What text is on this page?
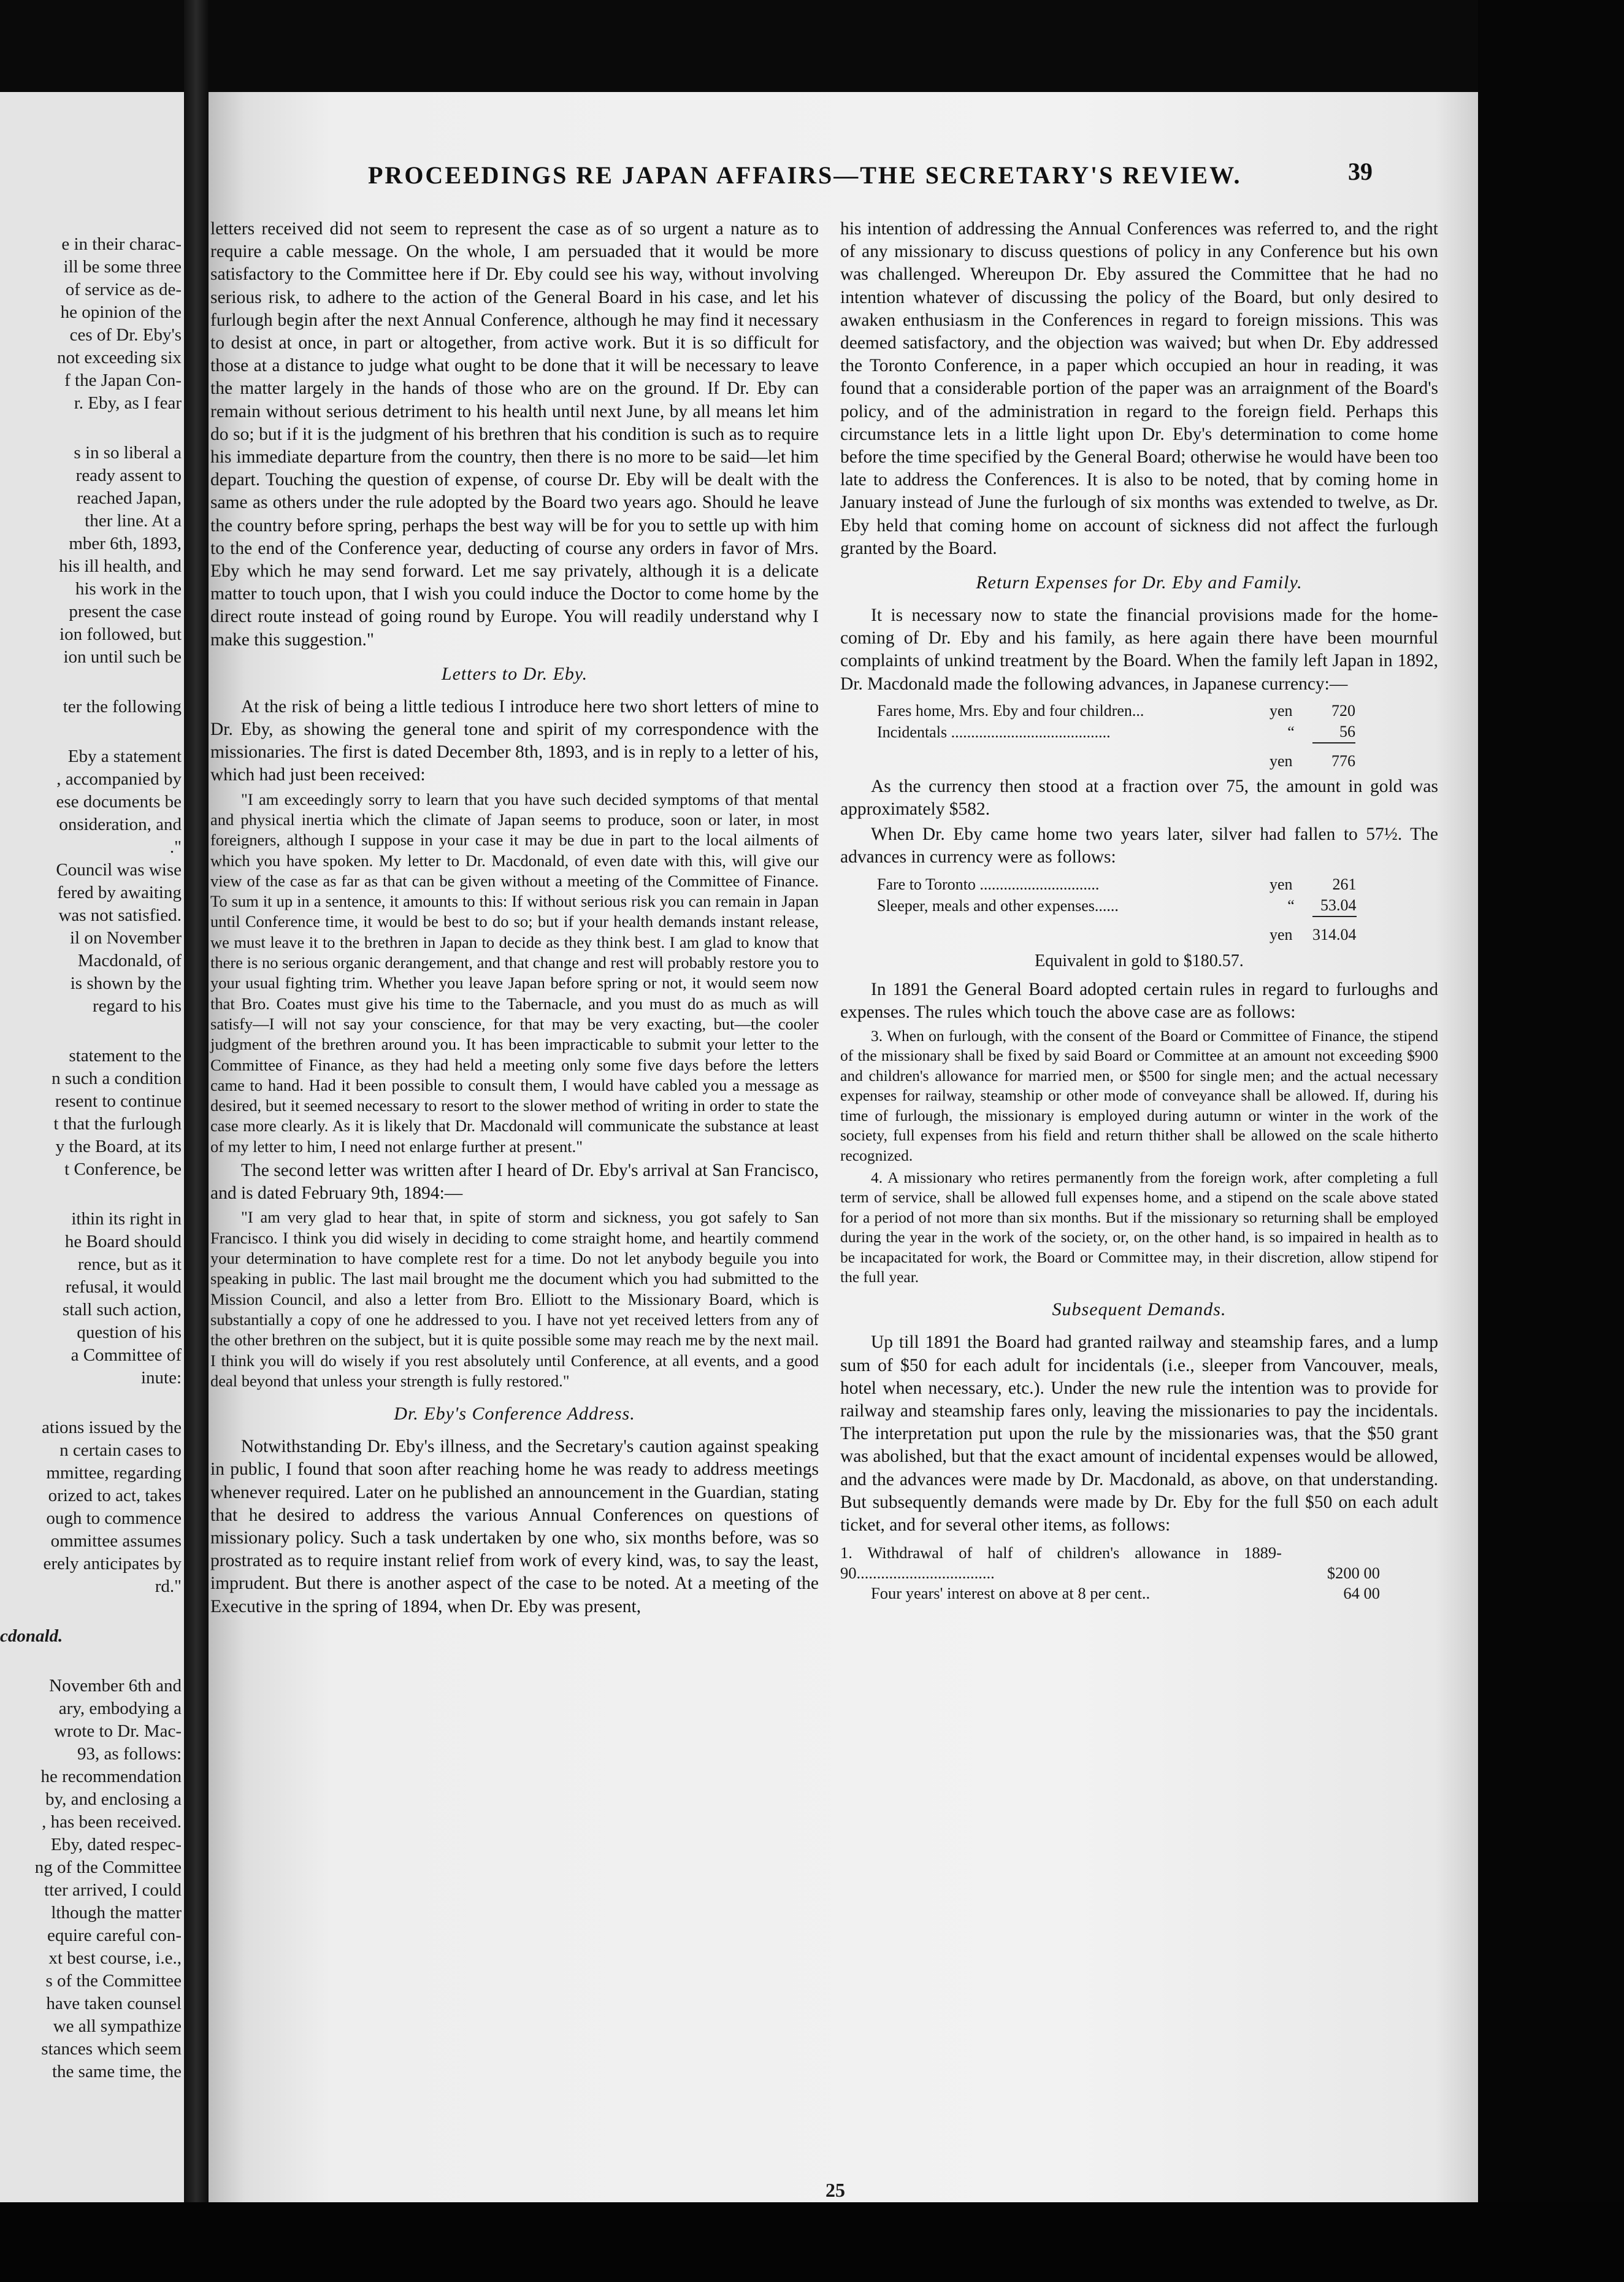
e in their charac-
ill be some three
of service as de-
he opinion of the
ces of Dr. Eby's
not exceeding six
f the Japan Con-
r. Eby, as I fear
s in so liberal a
ready assent to
reached Japan,
ther line. At a
mber 6th, 1893,
his ill health, and
his work in the
present the case
ion followed, but
ion until such be
ter the following
Eby a statement
, accompanied by
ese documents be
onsideration, and
."
Council was wise
fered by awaiting
was not satisfied.
il on November
Macdonald, of
is shown by the
regard to his
statement to the
n such a condition
resent to continue
t that the furlough
y the Board, at its
t Conference, be
ithin its right in
he Board should
rence, but as it
refusal, it would
stall such action,
question of his
a Committee of
inute:
ations issued by the
n certain cases to
mmittee, regarding
orized to act, takes
ough to commence
ommittee assumes
erely anticipates by
rd."
cdonald.
November 6th and
ary, embodying a
wrote to Dr. Mac-
93, as follows:
he recommendation
by, and enclosing a
, has been received.
Eby, dated respec-
ng of the Committee
tter arrived, I could
lthough the matter
equire careful con-
xt best course, i.e.,
s of the Committee
have taken counsel
we all sympathize
stances which seem
the same time, the
PROCEEDINGS RE JAPAN AFFAIRS—THE SECRETARY'S REVIEW.	39

letters received did not seem to represent the case as of so urgent a nature as to require a cable message. On the whole, I am persuaded that it would be more satisfactory to the Committee here if Dr. Eby could see his way, without involving serious risk, to adhere to the action of the General Board in his case, and let his furlough begin after the next Annual Conference, although he may find it necessary to desist at once, in part or altogether, from active work. But it is so difficult for those at a distance to judge what ought to be done that it will be necessary to leave the matter largely in the hands of those who are on the ground. If Dr. Eby can remain without serious detriment to his health until next June, by all means let him do so; but if it is the judgment of his brethren that his condition is such as to require his immediate departure from the country, then there is no more to be said—let him depart. Touching the question of expense, of course Dr. Eby will be dealt with the same as others under the rule adopted by the Board two years ago. Should he leave the country before spring, perhaps the best way will be for you to settle up with him to the end of the Conference year, deducting of course any orders in favor of Mrs. Eby which he may send forward. Let me say privately, although it is a delicate matter to touch upon, that I wish you could induce the Doctor to come home by the direct route instead of going round by Europe. You will readily understand why I make this suggestion."

Letters to Dr. Eby.

At the risk of being a little tedious I introduce here two short letters of mine to Dr. Eby, as showing the general tone and spirit of my correspondence with the missionaries. The first is dated December 8th, 1893, and is in reply to a letter of his, which had just been received:

"I am exceedingly sorry to learn that you have such decided symptoms of that mental and physical inertia which the climate of Japan seems to produce, soon or later, in most foreigners, although I suppose in your case it may be due in part to the local ailments of which you have spoken. My letter to Dr. Macdonald, of even date with this, will give our view of the case as far as that can be given without a meeting of the Committee of Finance. To sum it up in a sentence, it amounts to this: If without serious risk you can remain in Japan until Conference time, it would be best to do so; but if your health demands instant release, we must leave it to the brethren in Japan to decide as they think best. I am glad to know that there is no serious organic derangement, and that change and rest will probably restore you to your usual fighting trim. Whether you leave Japan before spring or not, it would seem now that Bro. Coates must give his time to the Tabernacle, and you must do as much as will satisfy—I will not say your conscience, for that may be very exacting, but—the cooler judgment of the brethren around you. It has been impracticable to submit your letter to the Committee of Finance, as they had held a meeting only some five days before the letters came to hand. Had it been possible to consult them, I would have cabled you a message as desired, but it seemed necessary to resort to the slower method of writing in order to state the case more clearly. As it is likely that Dr. Macdonald will communicate the substance at least of my letter to him, I need not enlarge further at present."

The second letter was written after I heard of Dr. Eby's arrival at San Francisco, and is dated February 9th, 1894:—

"I am very glad to hear that, in spite of storm and sickness, you got safely to San Francisco. I think you did wisely in deciding to come straight home, and heartily commend your determination to have complete rest for a time. Do not let anybody beguile you into speaking in public. The last mail brought me the document which you had submitted to the Mission Council, and also a letter from Bro. Elliott to the Missionary Board, which is substantially a copy of one he addressed to you. I have not yet received letters from any of the other brethren on the subject, but it is quite possible some may reach me by the next mail. I think you will do wisely if you rest absolutely until Conference, at all events, and a good deal beyond that unless your strength is fully restored."

Dr. Eby's Conference Address.

Notwithstanding Dr. Eby's illness, and the Secretary's caution against speaking in public, I found that soon after reaching home he was ready to address meetings whenever required. Later on he published an announcement in the Guardian, stating that he desired to address the various Annual Conferences on questions of missionary policy. Such a task undertaken by one who, six months before, was so prostrated as to require instant relief from work of every kind, was, to say the least, imprudent. But there is another aspect of the case to be noted. At a meeting of the Executive in the spring of 1894, when Dr. Eby was present,

his intention of addressing the Annual Conferences was referred to, and the right of any missionary to discuss questions of policy in any Conference but his own was challenged. Whereupon Dr. Eby assured the Committee that he had no intention whatever of discussing the policy of the Board, but only desired to awaken enthusiasm in the Conferences in regard to foreign missions. This was deemed satisfactory, and the objection was waived; but when Dr. Eby addressed the Toronto Conference, in a paper which occupied an hour in reading, it was found that a considerable portion of the paper was an arraignment of the Board's policy, and of the administration in regard to the foreign field. Perhaps this circumstance lets in a little light upon Dr. Eby's determination to come home before the time specified by the General Board; otherwise he would have been too late to address the Conferences. It is also to be noted, that by coming home in January instead of June the furlough of six months was extended to twelve, as Dr. Eby held that coming home on account of sickness did not affect the furlough granted by the Board.

Return Expenses for Dr. Eby and Family.

It is necessary now to state the financial provisions made for the home-coming of Dr. Eby and his family, as here again there have been mournful complaints of unkind treatment by the Board. When the family left Japan in 1892, Dr. Macdonald made the following advances, in Japanese currency:—

Fares home, Mrs. Eby and four children...	yen	720
Incidentals ........................................	“	56
	yen	776

As the currency then stood at a fraction over 75, the amount in gold was approximately $582.

When Dr. Eby came home two years later, silver had fallen to 57½. The advances in currency were as follows:

Fare to Toronto ..............................	yen	261
Sleeper, meals and other expenses......	“	53.04
	yen	314.04
Equivalent in gold to $180.57.

In 1891 the General Board adopted certain rules in regard to furloughs and expenses. The rules which touch the above case are as follows:

3. When on furlough, with the consent of the Board or Committee of Finance, the stipend of the missionary shall be fixed by said Board or Committee at an amount not exceeding $900 and children's allowance for married men, or $500 for single men; and the actual necessary expenses for railway, steamship or other mode of conveyance shall be allowed. If, during his time of furlough, the missionary is employed during autumn or winter in the work of the society, full expenses from his field and return thither shall be allowed on the scale hitherto recognized.

4. A missionary who retires permanently from the foreign work, after completing a full term of service, shall be allowed full expenses home, and a stipend on the scale above stated for a period of not more than six months. But if the missionary so returning shall be employed during the year in the work of the society, or, on the other hand, is so impaired in health as to be incapacitated for work, the Board or Committee may, in their discretion, allow stipend for the full year.

Subsequent Demands.

Up till 1891 the Board had granted railway and steamship fares, and a lump sum of $50 for each adult for incidentals (i.e., sleeper from Vancouver, meals, hotel when necessary, etc.). Under the new rule the intention was to provide for railway and steamship fares only, leaving the missionaries to pay the incidentals. The interpretation put upon the rule by the missionaries was, that the $50 grant was abolished, but that the exact amount of incidental expenses would be allowed, and the advances were made by Dr. Macdonald, as above, on that understanding. But subsequently demands were made by Dr. Eby for the full $50 on each adult ticket, and for several other items, as follows:

1. Withdrawal of half of children's allowance in 1889-90..................................	$200 00
Four years' interest on above at 8 per cent..	64 00
25
